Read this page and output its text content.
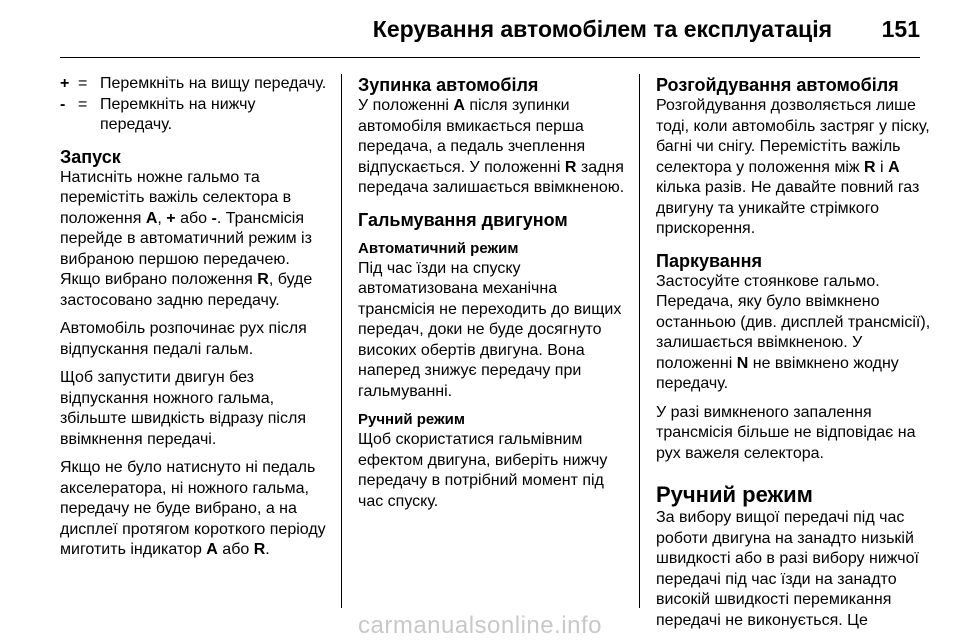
Керування автомобілем та експлуатація 151
+ = Перемкніть на вищу передачу.
- = Перемкніть на нижчу передачу.
Запуск

Натисніть ножне гальмо та перемістіть важіль селектора в положення A, + або -. Трансмісія перейде в автоматичний режим із вибраною першою передачею. Якщо вибрано положення R, буде застосовано задню передачу.

Автомобіль розпочинає рух після відпускання педалі гальм.

Щоб запустити двигун без відпускання ножного гальма, збільште швидкість відразу після ввімкнення передачі.

Якщо не було натиснуто ні педаль акселератора, ні ножного гальма, передачу не буде вибрано, а на дисплеї протягом короткого періоду миготить індикатор A або R.

Зупинка автомобіля

У положенні A після зупинки автомобіля вмикається перша передача, а педаль зчеплення відпускається. У положенні R задня передача залишається ввімкненою.

Гальмування двигуном
Автоматичний режим

Під час їзди на спуску автоматизована механічна трансмісія не переходить до вищих передач, доки не буде досягнуто високих обертів двигуна. Вона наперед знижує передачу при гальмуванні.

Ручний режим

Щоб скористатися гальмівним ефектом двигуна, виберіть нижчу передачу в потрібний момент під час спуску.

Розгойдування автомобіля

Розгойдування дозволяється лише тоді, коли автомобіль застряг у піску, багні чи снігу. Перемістіть важіль селектора у положення між R і A кілька разів. Не давайте повний газ двигуну та уникайте стрімкого прискорення.

Паркування

Застосуйте стоянкове гальмо. Передача, яку було ввімкнено останньою (див. дисплей трансмісії), залишається ввімкненою. У положенні N не ввімкнено жодну передачу.

У разі вимкненого запалення трансмісія більше не відповідає на рух важеля селектора.

Ручний режим

За вибору вищої передачі під час роботи двигуна на занадто низькій швидкості або в разі вибору нижчої передачі під час їзди на занадто високій швидкості перемикання передачі не виконується. Це

carmanualsonline.info
